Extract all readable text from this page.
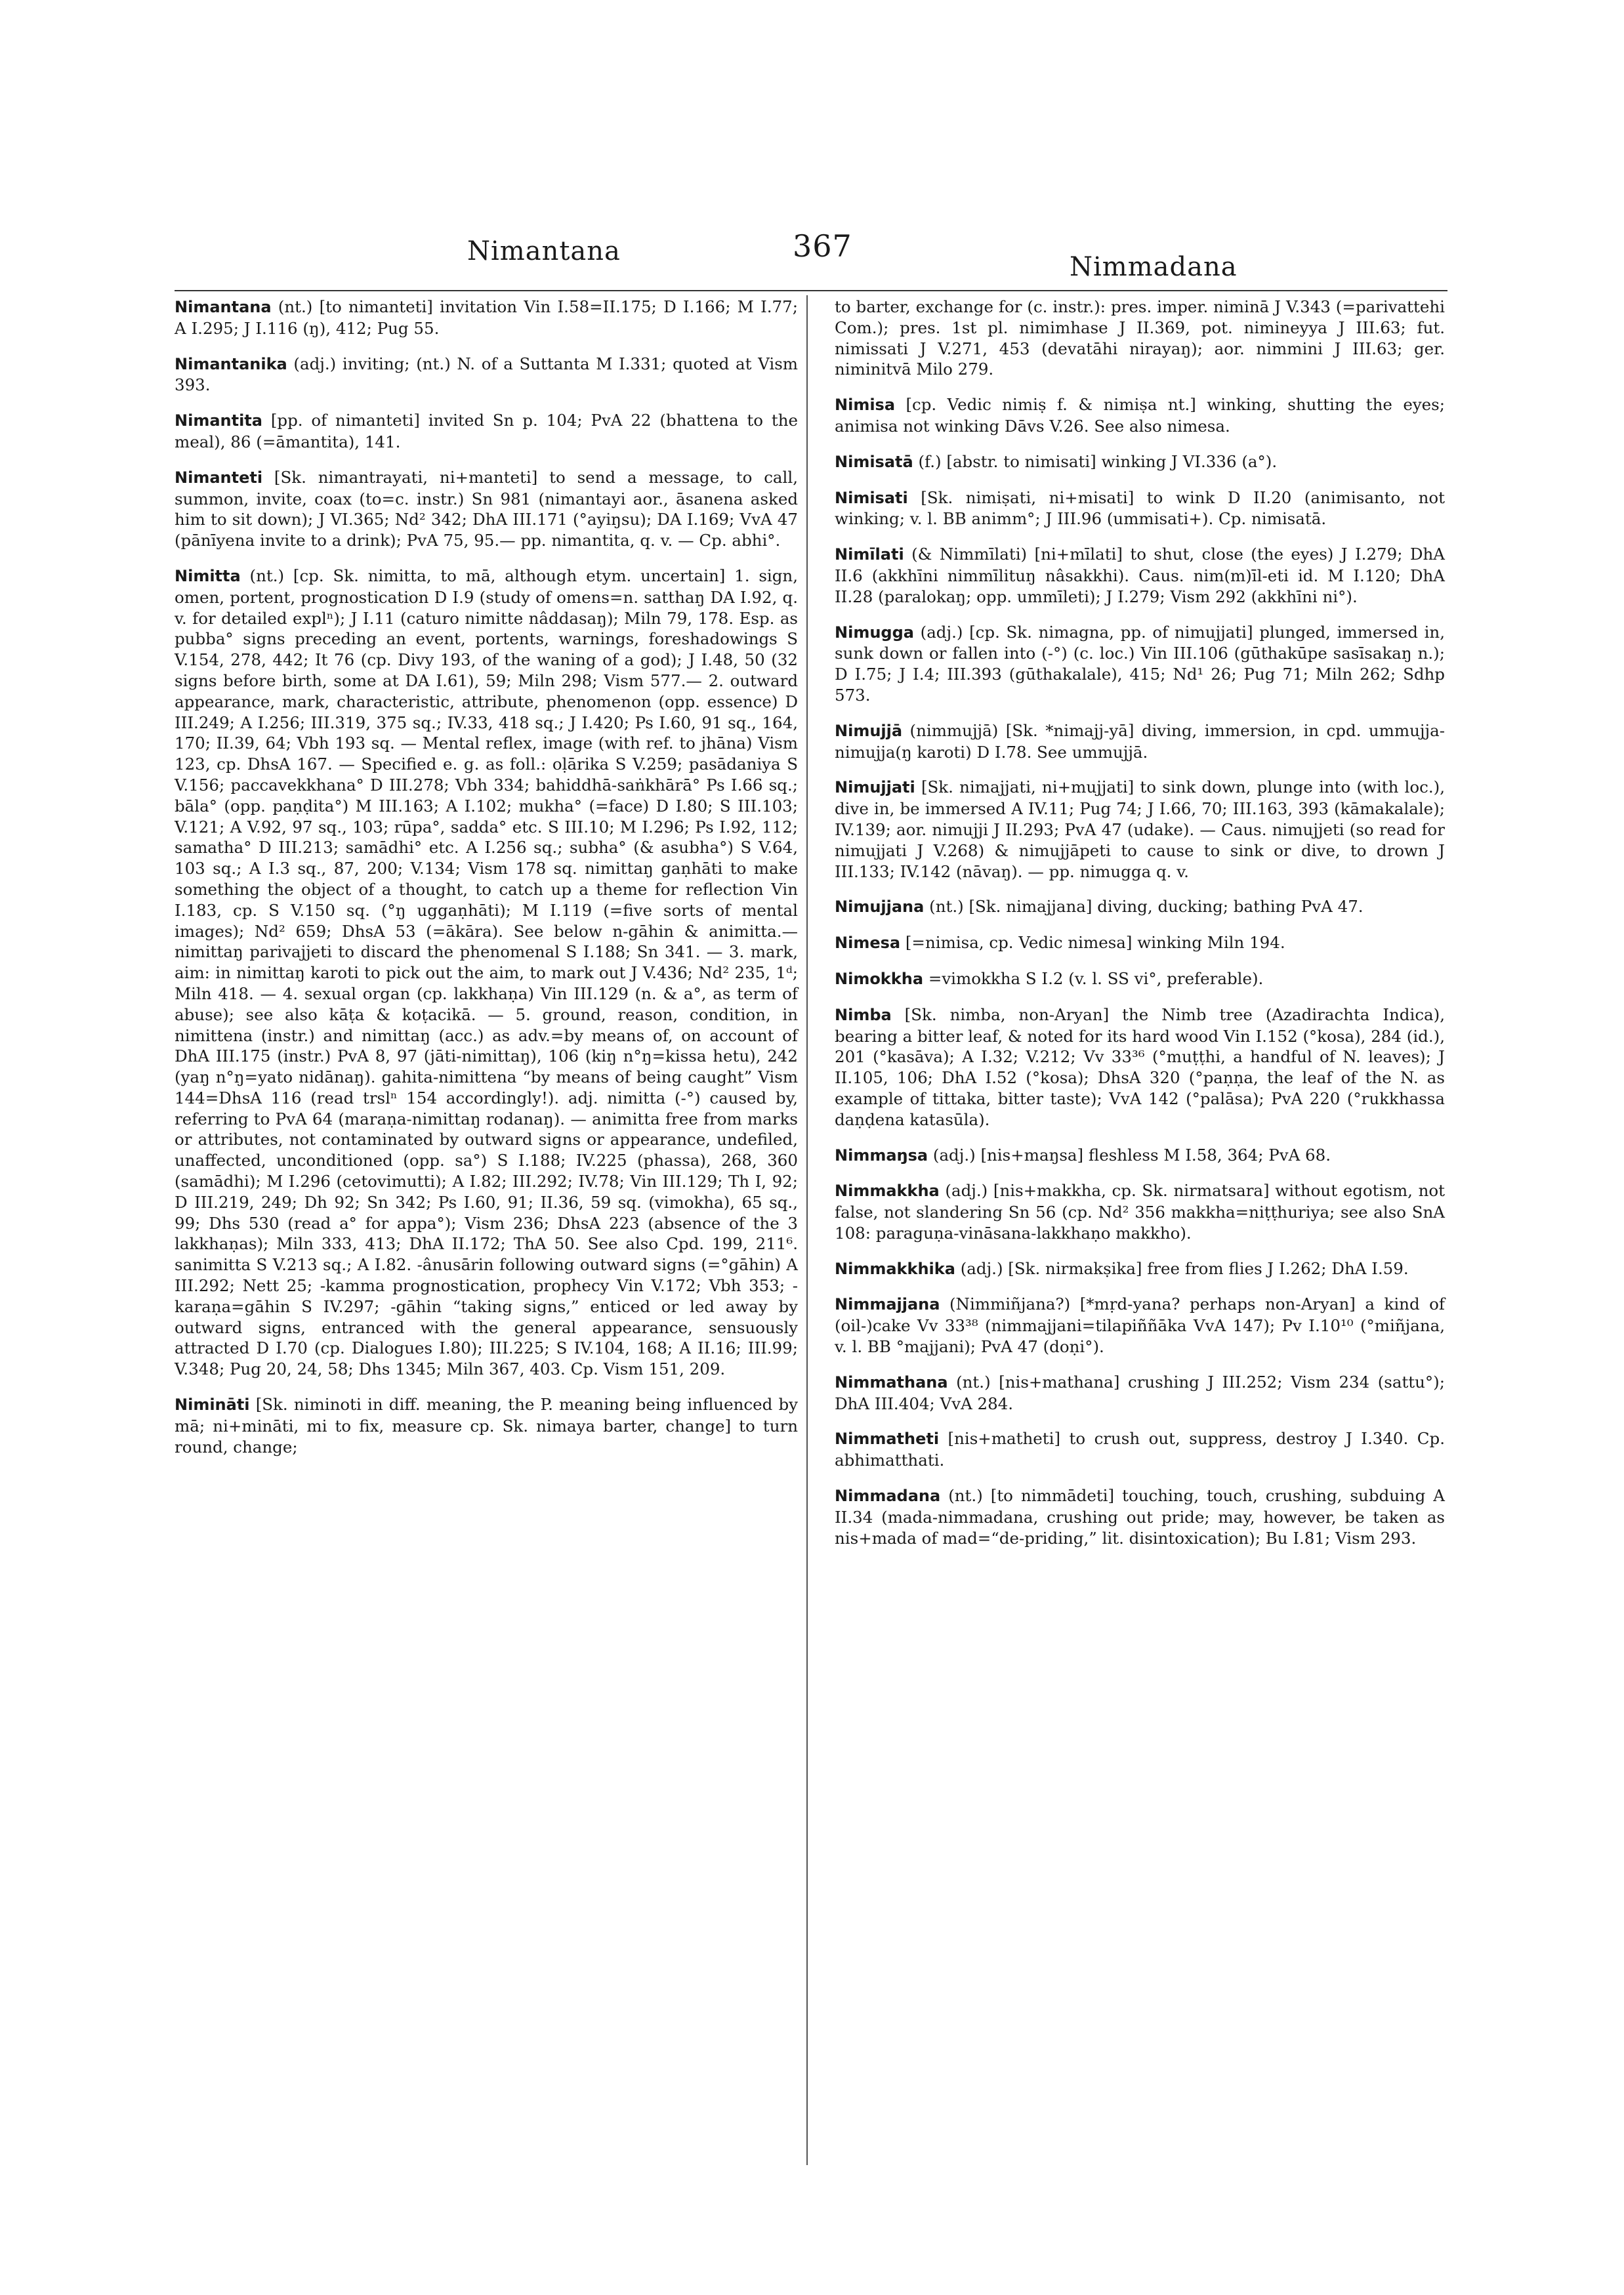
Nimantana	367
Nimmadana

Nimantana (nt.) [to nimanteti] invitation Vin I.58=II.175; D I.166; M I.77; A I.295; J I.116 (ŋ), 412; Pug 55.

Nimantanika (adj.) inviting; (nt.) N. of a Suttanta M I.331; quoted at Vism 393.

Nimantita [pp. of nimanteti] invited Sn p. 104; PvA 22 (bhattena to the meal), 86 (=āmantita), 141.

Nimanteti [Sk. nimantrayati, ni+manteti] to send a message, to call, summon, invite, coax (to=c. instr.) Sn 981 (nimantayi aor., āsanena asked him to sit down); J VI.365; Nd² 342; DhA III.171 (°ayiŋsu); DA I.169; VvA 47 (pānīyena invite to a drink); PvA 75, 95.— pp. nimantita, q. v. — Cp. abhi°.

Nimitta (nt.) [cp. Sk. nimitta, to mā, although etym. uncertain] 1. sign, omen, portent, prognostication D I.9 (study of omens=n. satthaŋ DA I.92, q. v. for detailed explⁿ); J I.11 (caturo nimitte nâddasaŋ); Miln 79, 178. Esp. as pubba° signs preceding an event, portents, warnings, foreshadowings S V.154, 278, 442; It 76 (cp. Divy 193, of the waning of a god); J I.48, 50 (32 signs before birth, some at DA I.61), 59; Miln 298; Vism 577.— 2. outward appearance, mark, characteristic, attribute, phenomenon (opp. essence) D III.249; A I.256; III.319, 375 sq.; IV.33, 418 sq.; J I.420; Ps I.60, 91 sq., 164, 170; II.39, 64; Vbh 193 sq. — Mental reflex, image (with ref. to jhāna) Vism 123, cp. DhsA 167. — Specified e. g. as foll.: oḷārika S V.259; pasādaniya S V.156; paccavekkhana° D III.278; Vbh 334; bahiddhā-saṅkhārā° Ps I.66 sq.; bāla° (opp. paṇḍita°) M III.163; A I.102; mukha° (=face) D I.80; S III.103; V.121; A V.92, 97 sq., 103; rūpa°, sadda° etc. S III.10; M I.296; Ps I.92, 112; samatha° D III.213; samādhi° etc. A I.256 sq.; subha° (& asubha°) S V.64, 103 sq.; A I.3 sq., 87, 200; V.134; Vism 178 sq. nimittaŋ gaṇhāti to make something the object of a thought, to catch up a theme for reflection Vin I.183, cp. S V.150 sq. (°ŋ uggaṇhāti); M I.119 (=five sorts of mental images); Nd² 659; DhsA 53 (=ākāra). See below n-gāhin & animitta.— nimittaŋ parivajjeti to discard the phenomenal S I.188; Sn 341. — 3. mark, aim: in nimittaŋ karoti to pick out the aim, to mark out J V.436; Nd² 235, 1ᵈ; Miln 418. — 4. sexual organ (cp. lakkhaṇa) Vin III.129 (n. & a°, as term of abuse); see also kāṭa & koṭacikā. — 5. ground, reason, condition, in nimittena (instr.) and nimittaŋ (acc.) as adv.=by means of, on account of DhA III.175 (instr.) PvA 8, 97 (jāti-nimittaŋ), 106 (kiŋ n°ŋ=kissa hetu), 242 (yaŋ n°ŋ=yato nidānaŋ). gahita-nimittena “by means of being caught” Vism 144=DhsA 116 (read trslⁿ 154 accordingly!). adj. nimitta (-°) caused by, referring to PvA 64 (maraṇa-nimittaŋ rodanaŋ). — animitta free from marks or attributes, not contaminated by outward signs or appearance, undefiled, unaffected, unconditioned (opp. sa°) S I.188; IV.225 (phassa), 268, 360 (samādhi); M I.296 (cetovimutti); A I.82; III.292; IV.78; Vin III.129; Th I, 92; D III.219, 249; Dh 92; Sn 342; Ps I.60, 91; II.36, 59 sq. (vimokha), 65 sq., 99; Dhs 530 (read a° for appa°); Vism 236; DhsA 223 (absence of the 3 lakkhaṇas); Miln 333, 413; DhA II.172; ThA 50. See also Cpd. 199, 211⁶. sanimitta S V.213 sq.; A I.82. -ânusārin following outward signs (=°gāhin) A III.292; Nett 25; -kamma prognostication, prophecy Vin V.172; Vbh 353; -karaṇa=gāhin S IV.297; -gāhin “taking signs,” enticed or led away by outward signs, entranced with the general appearance, sensuously attracted D I.70 (cp. Dialogues I.80); III.225; S IV.104, 168; A II.16; III.99; V.348; Pug 20, 24, 58; Dhs 1345; Miln 367, 403. Cp. Vism 151, 209.

Nimināti [Sk. niminoti in diff. meaning, the P. meaning being influenced by mā; ni+mināti, mi to fix, measure cp. Sk. nimaya barter, change] to turn round, change;

to barter, exchange for (c. instr.): pres. imper. niminā J V.343 (=parivattehi Com.); pres. 1st pl. nimimhase J II.369, pot. nimineyya J III.63; fut. nimissati J V.271, 453 (devatāhi nirayaŋ); aor. nimmini J III.63; ger. niminitvā Milo 279.

Nimisa [cp. Vedic nimiṣ f. & nimiṣa nt.] winking, shutting the eyes; animisa not winking Dāvs V.26. See also nimesa.

Nimisatā (f.) [abstr. to nimisati] winking J VI.336 (a°).

Nimisati [Sk. nimiṣati, ni+misati] to wink D II.20 (animisanto, not winking; v. l. BB animm°; J III.96 (ummisati+). Cp. nimisatā.

Nimīlati (& Nimmīlati) [ni+mīlati] to shut, close (the eyes) J I.279; DhA II.6 (akkhīni nimmīlituŋ nâsakkhi). Caus. nim(m)īl-eti id. M I.120; DhA II.28 (paralokaŋ; opp. ummīleti); J I.279; Vism 292 (akkhīni ni°).

Nimugga (adj.) [cp. Sk. nimagna, pp. of nimujjati] plunged, immersed in, sunk down or fallen into (-°) (c. loc.) Vin III.106 (gūthakūpe sasīsakaŋ n.); D I.75; J I.4; III.393 (gūthakalale), 415; Nd¹ 26; Pug 71; Miln 262; Sdhp 573.

Nimujjā (nimmujjā) [Sk. *nimajj-yā] diving, immersion, in cpd. ummujja-nimujja(ŋ karoti) D I.78. See ummujjā.

Nimujjati [Sk. nimajjati, ni+mujjati] to sink down, plunge into (with loc.), dive in, be immersed A IV.11; Pug 74; J I.66, 70; III.163, 393 (kāmakalale); IV.139; aor. nimujji J II.293; PvA 47 (udake). — Caus. nimujjeti (so read for nimujjati J V.268) & nimujjāpeti to cause to sink or dive, to drown J III.133; IV.142 (nāvaŋ). — pp. nimugga q. v.

Nimujjana (nt.) [Sk. nimajjana] diving, ducking; bathing PvA 47.

Nimesa [=nimisa, cp. Vedic nimesa] winking Miln 194.

Nimokkha =vimokkha S I.2 (v. l. SS vi°, preferable).

Nimba [Sk. nimba, non-Aryan] the Nimb tree (Azadirachta Indica), bearing a bitter leaf, & noted for its hard wood Vin I.152 (°kosa), 284 (id.), 201 (°kasāva); A I.32; V.212; Vv 33³⁶ (°muṭṭhi, a handful of N. leaves); J II.105, 106; DhA I.52 (°kosa); DhsA 320 (°paṇṇa, the leaf of the N. as example of tittaka, bitter taste); VvA 142 (°palāsa); PvA 220 (°rukkhassa daṇḍena katasūla).

Nimmaŋsa (adj.) [nis+maŋsa] fleshless M I.58, 364; PvA 68.

Nimmakkha (adj.) [nis+makkha, cp. Sk. nirmatsara] without egotism, not false, not slandering Sn 56 (cp. Nd² 356 makkha=niṭṭhuriya; see also SnA 108: paraguṇa-vināsana-lakkhaṇo makkho).

Nimmakkhika (adj.) [Sk. nirmakṣika] free from flies J I.262; DhA I.59.

Nimmajjana (Nimmiñjana?) [*mṛd-yana? perhaps non-Aryan] a kind of (oil-)cake Vv 33³⁸ (nimmajjani=tilapiññāka VvA 147); Pv I.10¹⁰ (°miñjana, v. l. BB °majjani); PvA 47 (doṇi°).

Nimmathana (nt.) [nis+mathana] crushing J III.252; Vism 234 (sattu°); DhA III.404; VvA 284.

Nimmatheti [nis+matheti] to crush out, suppress, destroy J I.340. Cp. abhimatthati.

Nimmadana (nt.) [to nimmādeti] touching, touch, crushing, subduing A II.34 (mada-nimmadana, crushing out pride; may, however, be taken as nis+mada of mad=“de-priding,” lit. disintoxication); Bu I.81; Vism 293.
